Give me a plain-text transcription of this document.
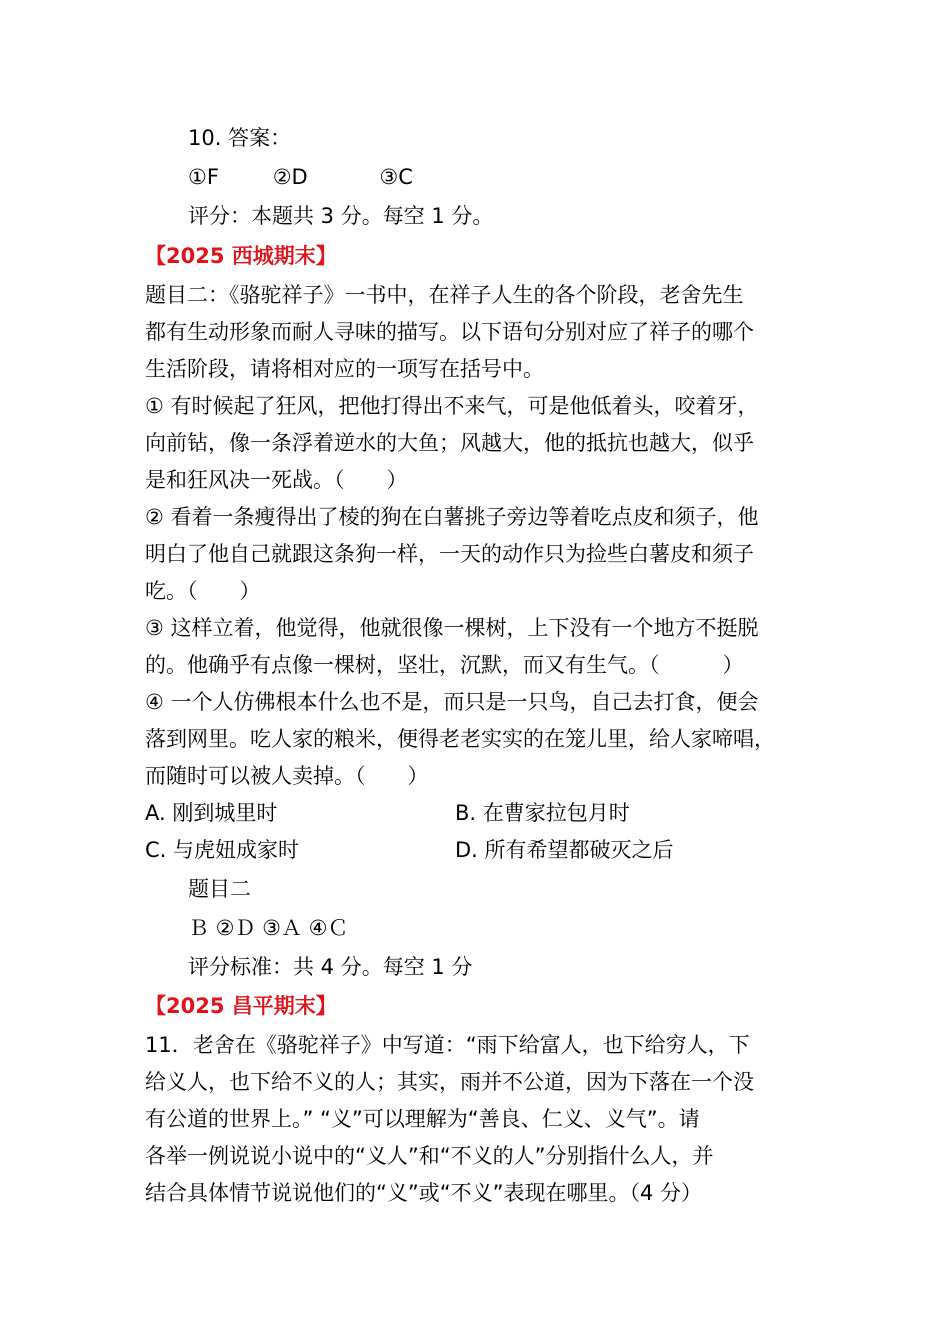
10. 答案：
①F	②D	③C
评分：本题共 3 分。每空 1 分。
【2025 西城期末】
题目二：《骆驼祥子》一书中，在祥子人生的各个阶段，老舍先生
都有生动形象而耐人寻味的描写。以下语句分别对应了祥子的哪个
生活阶段，请将相对应的一项写在括号中。
① 有时候起了狂风，把他打得出不来气，可是他低着头，咬着牙，
向前钻，像一条浮着逆水的大鱼；风越大，他的抵抗也越大，似乎
是和狂风决一死战。（　　）
② 看着一条瘦得出了棱的狗在白薯挑子旁边等着吃点皮和须子，他
明白了他自己就跟这条狗一样，一天的动作只为捡些白薯皮和须子
吃。（　　）
③ 这样立着，他觉得，他就很像一棵树，上下没有一个地方不挺脱
的。他确乎有点像一棵树，坚壮，沉默，而又有生气。（　　　）
④ 一个人仿佛根本什么也不是，而只是一只鸟，自己去打食，便会
落到网里。吃人家的粮米，便得老老实实的在笼儿里，给人家啼唱，
而随时可以被人卖掉。（　　）
A. 刚到城里时	B. 在曹家拉包月时
C. 与虎妞成家时	D. 所有希望都破灭之后
题目二
Ｂ ②Ｄ ③Ａ ④Ｃ
评分标准：共 4 分。每空 1 分
【2025 昌平期末】
11．老舍在《骆驼祥子》中写道：“雨下给富人，也下给穷人，下
给义人，也下给不义的人；其实，雨并不公道，因为下落在一个没
有公道的世界上。” “义”可以理解为“善良、仁义、义气”。请
各举一例说说小说中的“义人”和“不义的人”分别指什么人，并
结合具体情节说说他们的“义”或“不义”表现在哪里。（4 分）
